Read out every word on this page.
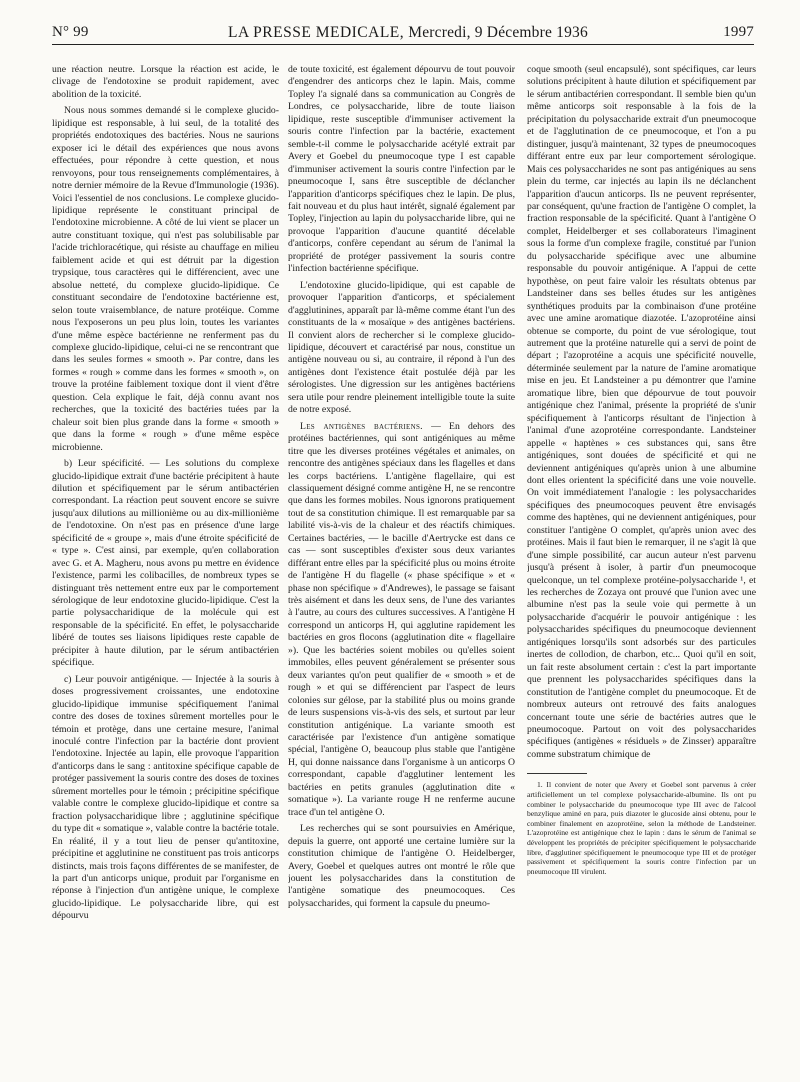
N° 99	LA PRESSE MEDICALE, Mercredi, 9 Décembre 1936	1997

une réaction neutre. Lorsque la réaction est acide, le clivage de l'endotoxine se produit rapidement, avec abolition de la toxicité.

Nous nous sommes demandé si le complexe glucido-lipidique est responsable, à lui seul, de la totalité des propriétés endotoxiques des bactéries. Nous ne saurions exposer ici le détail des expériences que nous avons effectuées, pour répondre à cette question, et nous renvoyons, pour tous renseignements complémentaires, à notre dernier mémoire de la Revue d'Immunologie (1936). Voici l'essentiel de nos conclusions. Le complexe glucido-lipidique représente le constituant principal de l'endotoxine microbienne. A côté de lui vient se placer un autre constituant toxique, qui n'est pas solubilisable par l'acide trichloracétique, qui résiste au chauffage en milieu faiblement acide et qui est détruit par la digestion trypsique, tous caractères qui le différencient, avec une absolue netteté, du complexe glucido-lipidique. Ce constituant secondaire de l'endotoxine bactérienne est, selon toute vraisemblance, de nature protéique. Comme nous l'exposerons un peu plus loin, toutes les variantes d'une même espèce bactérienne ne renferment pas du complexe glucido-lipidique, celui-ci ne se rencontrant que dans les seules formes « smooth ». Par contre, dans les formes « rough » comme dans les formes « smooth », on trouve la protéine faiblement toxique dont il vient d'être question. Cela explique le fait, déjà connu avant nos recherches, que la toxicité des bactéries tuées par la chaleur soit bien plus grande dans la forme « smooth » que dans la forme « rough » d'une même espèce microbienne.

b) Leur spécificité. — Les solutions du complexe glucido-lipidique extrait d'une bactérie précipitent à haute dilution et spécifiquement par le sérum antibactérien correspondant. La réaction peut souvent encore se suivre jusqu'aux dilutions au millionième ou au dix-millionième de l'endotoxine. On n'est pas en présence d'une large spécificité de « groupe », mais d'une étroite spécificité de « type ». C'est ainsi, par exemple, qu'en collaboration avec G. et A. Magheru, nous avons pu mettre en évidence l'existence, parmi les colibacilles, de nombreux types se distinguant très nettement entre eux par le comportement sérologique de leur endotoxine glucido-lipidique. C'est la partie polysaccharidique de la molécule qui est responsable de la spécificité. En effet, le polysaccharide libéré de toutes ses liaisons lipidiques reste capable de précipiter à haute dilution, par le sérum antibactérien spécifique.

c) Leur pouvoir antigénique. — Injectée à la souris à doses progressivement croissantes, une endotoxine glucido-lipidique immunise spécifiquement l'animal contre des doses de toxines sûrement mortelles pour le témoin et protège, dans une certaine mesure, l'animal inoculé contre l'infection par la bactérie dont provient l'endotoxine. Injectée au lapin, elle provoque l'apparition d'anticorps dans le sang : antitoxine spécifique capable de protéger passivement la souris contre des doses de toxines sûrement mortelles pour le témoin ; précipitine spécifique valable contre le complexe glucido-lipidique et contre sa fraction polysaccharidique libre ; agglutinine spécifique du type dit « somatique », valable contre la bactérie totale. En réalité, il y a tout lieu de penser qu'antitoxine, précipitine et agglutinine ne constituent pas trois anticorps distincts, mais trois façons différentes de se manifester, de la part d'un anticorps unique, produit par l'organisme en réponse à l'injection d'un antigène unique, le complexe glucido-lipidique. Le polysaccharide libre, qui est dépourvu

de toute toxicité, est également dépourvu de tout pouvoir d'engendrer des anticorps chez le lapin. Mais, comme Topley l'a signalé dans sa communication au Congrès de Londres, ce polysaccharide, libre de toute liaison lipidique, reste susceptible d'immuniser activement la souris contre l'infection par la bactérie, exactement semble-t-il comme le polysaccharide acétylé extrait par Avery et Goebel du pneumocoque type I est capable d'immuniser activement la souris contre l'infection par le pneumocoque I, sans être susceptible de déclancher l'apparition d'anticorps spécifiques chez le lapin. De plus, fait nouveau et du plus haut intérêt, signalé également par Topley, l'injection au lapin du polysaccharide libre, qui ne provoque l'apparition d'aucune quantité décelable d'anticorps, confère cependant au sérum de l'animal la propriété de protéger passivement la souris contre l'infection bactérienne spécifique.

L'endotoxine glucido-lipidique, qui est capable de provoquer l'apparition d'anticorps, et spécialement d'agglutinines, apparaît par là-même comme étant l'un des constituants de la « mosaïque » des antigènes bactériens. Il convient alors de rechercher si le complexe glucido-lipidique, découvert et caractérisé par nous, constitue un antigène nouveau ou si, au contraire, il répond à l'un des antigènes dont l'existence était postulée déjà par les sérologistes. Une digression sur les antigènes bactériens sera utile pour rendre pleinement intelligible toute la suite de notre exposé.

Les antigènes bactériens. — En dehors des protéines bactériennes, qui sont antigéniques au même titre que les diverses protéines végétales et animales, on rencontre des antigènes spéciaux dans les flagelles et dans les corps bactériens. L'antigène flagellaire, qui est classiquement désigné comme antigène H, ne se rencontre que dans les formes mobiles. Nous ignorons pratiquement tout de sa constitution chimique. Il est remarquable par sa labilité vis-à-vis de la chaleur et des réactifs chimiques. Certaines bactéries, — le bacille d'Aertrycke est dans ce cas — sont susceptibles d'exister sous deux variantes différant entre elles par la spécificité plus ou moins étroite de l'antigène H du flagelle (« phase spécifique » et « phase non spécifique » d'Andrewes), le passage se faisant très aisément et dans les deux sens, de l'une des variantes à l'autre, au cours des cultures successives. A l'antigène H correspond un anticorps H, qui agglutine rapidement les bactéries en gros flocons (agglutination dite « flagellaire »). Que les bactéries soient mobiles ou qu'elles soient immobiles, elles peuvent généralement se présenter sous deux variantes qu'on peut qualifier de « smooth » et de rough » et qui se différencient par l'aspect de leurs colonies sur gélose, par la stabilité plus ou moins grande de leurs suspensions vis-à-vis des sels, et surtout par leur constitution antigénique. La variante smooth est caractérisée par l'existence d'un antigène somatique spécial, l'antigène O, beaucoup plus stable que l'antigène H, qui donne naissance dans l'organisme à un anticorps O correspondant, capable d'agglutiner lentement les bactéries en petits granules (agglutination dite « somatique »). La variante rouge H ne renferme aucune trace d'un tel antigène O.

Les recherches qui se sont poursuivies en Amérique, depuis la guerre, ont apporté une certaine lumière sur la constitution chimique de l'antigène O. Heidelberger, Avery, Goebel et quelques autres ont montré le rôle que jouent les polysaccharides dans la constitution de l'antigène somatique des pneumocoques. Ces polysaccharides, qui forment la capsule du pneumo-

coque smooth (seul encapsulé), sont spécifiques, car leurs solutions précipitent à haute dilution et spécifiquement par le sérum antibactérien correspondant. Il semble bien qu'un même anticorps soit responsable à la fois de la précipitation du polysaccharide extrait d'un pneumocoque et de l'agglutination de ce pneumocoque, et l'on a pu distinguer, jusqu'à maintenant, 32 types de pneumocoques différant entre eux par leur comportement sérologique. Mais ces polysaccharides ne sont pas antigéniques au sens plein du terme, car injectés au lapin ils ne déclanchent l'apparition d'aucun anticorps. Ils ne peuvent représenter, par conséquent, qu'une fraction de l'antigène O complet, la fraction responsable de la spécificité. Quant à l'antigène O complet, Heidelberger et ses collaborateurs l'imaginent sous la forme d'un complexe fragile, constitué par l'union du polysaccharide spécifique avec une albumine responsable du pouvoir antigénique. A l'appui de cette hypothèse, on peut faire valoir les résultats obtenus par Landsteiner dans ses belles études sur les antigènes synthétiques produits par la combinaison d'une protéine avec une amine aromatique diazotée. L'azoprotéine ainsi obtenue se comporte, du point de vue sérologique, tout autrement que la protéine naturelle qui a servi de point de départ ; l'azoprotéine a acquis une spécificité nouvelle, déterminée seulement par la nature de l'amine aromatique mise en jeu. Et Landsteiner a pu démontrer que l'amine aromatique libre, bien que dépourvue de tout pouvoir antigénique chez l'animal, présente la propriété de s'unir spécifiquement à l'anticorps résultant de l'injection à l'animal d'une azoprotéine correspondante. Landsteiner appelle « haptènes » ces substances qui, sans être antigéniques, sont douées de spécificité et qui ne deviennent antigéniques qu'après union à une albumine dont elles orientent la spécificité dans une voie nouvelle. On voit immédiatement l'analogie : les polysaccharides spécifiques des pneumocoques peuvent être envisagés comme des haptènes, qui ne deviennent antigéniques, pour constituer l'antigène O complet, qu'après union avec des protéines. Mais il faut bien le remarquer, il ne s'agit là que d'une simple possibilité, car aucun auteur n'est parvenu jusqu'à présent à isoler, à partir d'un pneumocoque quelconque, un tel complexe protéine-polysaccharide ¹, et les recherches de Zozaya ont prouvé que l'union avec une albumine n'est pas la seule voie qui permette à un polysaccharide d'acquérir le pouvoir antigénique : les polysaccharides spécifiques du pneumocoque deviennent antigéniques lorsqu'ils sont adsorbés sur des particules inertes de collodion, de charbon, etc... Quoi qu'il en soit, un fait reste absolument certain : c'est la part importante que prennent les polysaccharides spécifiques dans la constitution de l'antigène complet du pneumocoque. Et de nombreux auteurs ont retrouvé des faits analogues concernant toute une série de bactéries autres que le pneumocoque. Partout on voit des polysaccharides spécifiques (antigènes « résiduels » de Zinsser) apparaître comme substratum chimique de

1. Il convient de noter que Avery et Goebel sont parvenus à créer artificiellement un tel complexe polysaccharide-albumine. Ils ont pu combiner le polysaccharide du pneumocoque type III avec de l'alcool benzylique aminé en para, puis diazoter le glucoside ainsi obtenu, pour le combiner finalement en azoprotéine, selon la méthode de Landsteiner. L'azoprotéine est antigénique chez le lapin : dans le sérum de l'animal se développent les propriétés de précipiter spécifiquement le polysaccharide libre, d'agglutiner spécifiquement le pneumocoque type III et de protéger passivement et spécifiquement la souris contre l'infection par un pneumocoque III virulent.
